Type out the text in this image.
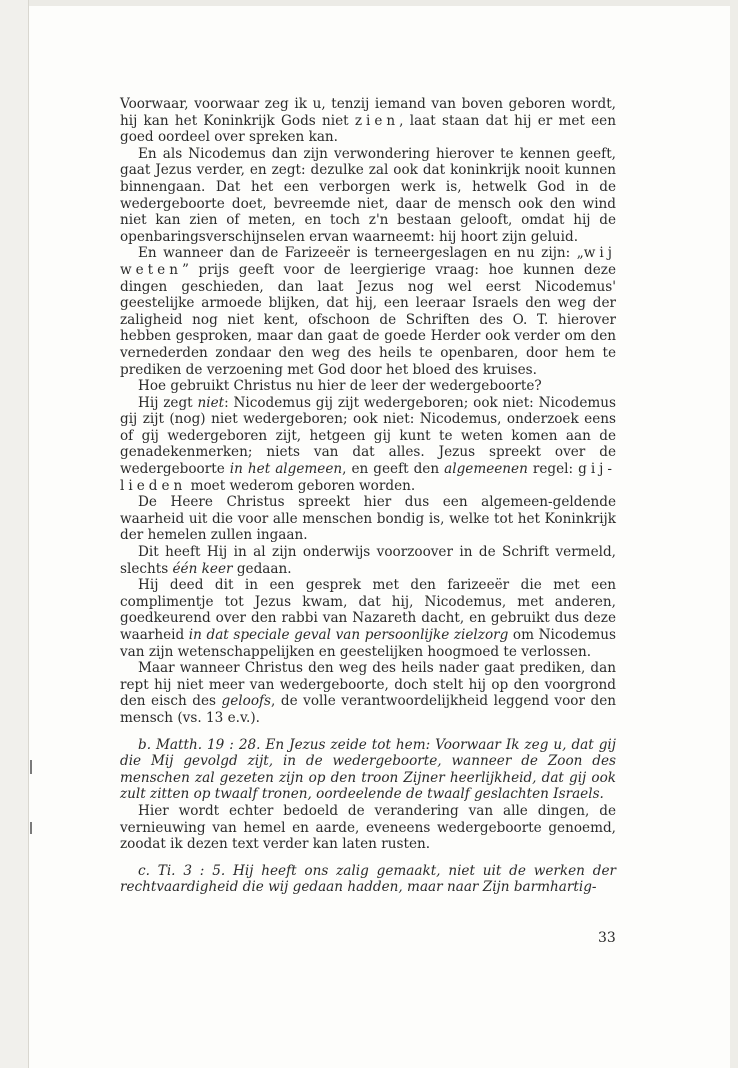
Voorwaar, voorwaar zeg ik u, tenzij iemand van boven geboren wordt, hij kan het Koninkrijk Gods niet zien, laat staan dat hij er met een goed oordeel over spreken kan.

En als Nicodemus dan zijn verwondering hierover te kennen geeft, gaat Jezus verder, en zegt: dezulke zal ook dat koninkrijk nooit kunnen binnengaan. Dat het een verborgen werk is, hetwelk God in de wedergeboorte doet, bevreemde niet, daar de mensch ook den wind niet kan zien of meten, en toch z'n bestaan gelooft, omdat hij de openbaringsverschijnselen ervan waarneemt: hij hoort zijn geluid.

En wanneer dan de Farizeeër is terneergeslagen en nu zijn: „wij weten” prijs geeft voor de leergierige vraag: hoe kunnen deze dingen geschieden, dan laat Jezus nog wel eerst Nicodemus' geestelijke armoede blijken, dat hij, een leeraar Israels den weg der zaligheid nog niet kent, ofschoon de Schriften des O. T. hierover hebben gesproken, maar dan gaat de goede Herder ook verder om den vernederden zondaar den weg des heils te openbaren, door hem te prediken de verzoening met God door het bloed des kruises.

Hoe gebruikt Christus nu hier de leer der wedergeboorte?

Hij zegt niet: Nicodemus gij zijt wedergeboren; ook niet: Nicodemus gij zijt (nog) niet wedergeboren; ook niet: Nicodemus, onderzoek eens of gij wedergeboren zijt, hetgeen gij kunt te weten komen aan de genadekenmerken; niets van dat alles. Jezus spreekt over de wedergeboorte in het algemeen, en geeft den algemeenen regel: gij-lieden moet wederom geboren worden.

De Heere Christus spreekt hier dus een algemeen-geldende waarheid uit die voor alle menschen bondig is, welke tot het Koninkrijk der hemelen zullen ingaan.

Dit heeft Hij in al zijn onderwijs voorzoover in de Schrift vermeld, slechts één keer gedaan.

Hij deed dit in een gesprek met den farizeeër die met een complimentje tot Jezus kwam, dat hij, Nicodemus, met anderen, goedkeurend over den rabbi van Nazareth dacht, en gebruikt dus deze waarheid in dat speciale geval van persoonlijke zielzorg om Nicodemus van zijn wetenschappelijken en geestelijken hoogmoed te verlossen.

Maar wanneer Christus den weg des heils nader gaat prediken, dan rept hij niet meer van wedergeboorte, doch stelt hij op den voorgrond den eisch des geloofs, de volle verantwoordelijkheid leggend voor den mensch (vs. 13 e.v.).

b. Matth. 19 : 28. En Jezus zeide tot hem: Voorwaar Ik zeg u, dat gij die Mij gevolgd zijt, in de wedergeboorte, wanneer de Zoon des menschen zal gezeten zijn op den troon Zijner heerlijkheid, dat gij ook zult zitten op twaalf tronen, oordeelende de twaalf geslachten Israels.

Hier wordt echter bedoeld de verandering van alle dingen, de vernieuwing van hemel en aarde, eveneens wedergeboorte genoemd, zoodat ik dezen text verder kan laten rusten.

c. Ti. 3 : 5. Hij heeft ons zalig gemaakt, niet uit de werken der rechtvaardigheid die wij gedaan hadden, maar naar Zijn barmhartig-

33
